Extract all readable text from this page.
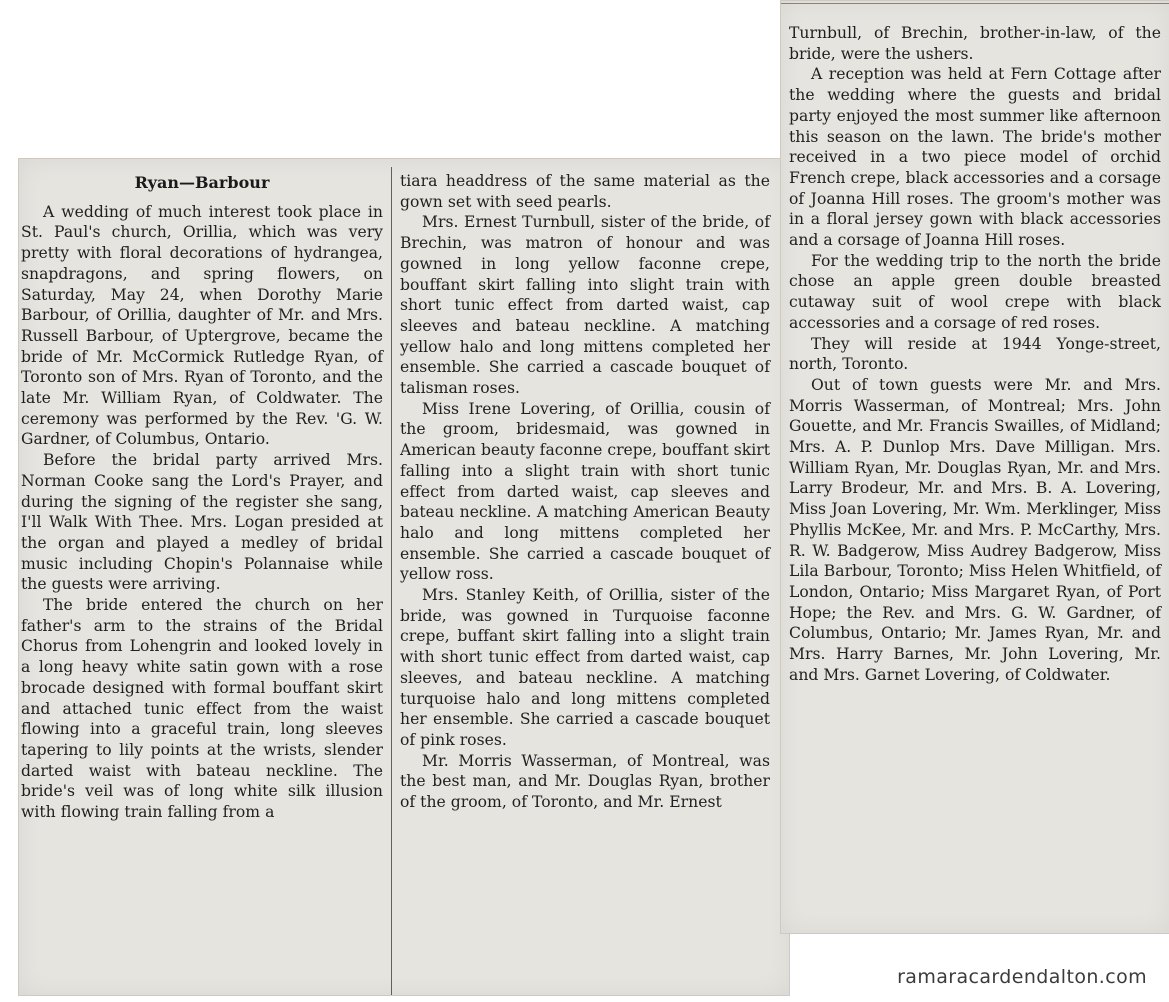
Ryan—Barbour

A wedding of much interest took place in St. Paul's church, Orillia, which was very pretty with floral decorations of hydrangea, snapdragons, and spring flowers, on Saturday, May 24, when Dorothy Marie Barbour, of Orillia, daughter of Mr. and Mrs. Russell Barbour, of Uptergrove, became the bride of Mr. McCormick Rutledge Ryan, of Toronto son of Mrs. Ryan of Toronto, and the late Mr. William Ryan, of Coldwater. The ceremony was performed by the Rev. 'G. W. Gardner, of Columbus, Ontario.

Before the bridal party arrived Mrs. Norman Cooke sang the Lord's Prayer, and during the signing of the register she sang, I'll Walk With Thee. Mrs. Logan presided at the organ and played a medley of bridal music including Chopin's Polannaise while the guests were arriving.

The bride entered the church on her father's arm to the strains of the Bridal Chorus from Lohengrin and looked lovely in a long heavy white satin gown with a rose brocade designed with formal bouffant skirt and attached tunic effect from the waist flowing into a graceful train, long sleeves tapering to lily points at the wrists, slender darted waist with bateau neckline. The bride's veil was of long white silk illusion with flowing train falling from a

tiara headdress of the same material as the gown set with seed pearls.

Mrs. Ernest Turnbull, sister of the bride, of Brechin, was matron of honour and was gowned in long yellow faconne crepe, bouffant skirt falling into slight train with short tunic effect from darted waist, cap sleeves and bateau neckline. A matching yellow halo and long mittens completed her ensemble. She carried a cascade bouquet of talisman roses.

Miss Irene Lovering, of Orillia, cousin of the groom, bridesmaid, was gowned in American beauty faconne crepe, bouffant skirt falling into a slight train with short tunic effect from darted waist, cap sleeves and bateau neckline. A matching American Beauty halo and long mittens completed her ensemble. She carried a cascade bouquet of yellow ross.

Mrs. Stanley Keith, of Orillia, sister of the bride, was gowned in Turquoise faconne crepe, buffant skirt falling into a slight train with short tunic effect from darted waist, cap sleeves, and bateau neckline. A matching turquoise halo and long mittens completed her ensemble. She carried a cascade bouquet of pink roses.

Mr. Morris Wasserman, of Montreal, was the best man, and Mr. Douglas Ryan, brother of the groom, of Toronto, and Mr. Ernest

Turnbull, of Brechin, brother-in-law, of the bride, were the ushers.

A reception was held at Fern Cottage after the wedding where the guests and bridal party enjoyed the most summer like afternoon this season on the lawn. The bride's mother received in a two piece model of orchid French crepe, black accessories and a corsage of Joanna Hill roses. The groom's mother was in a floral jersey gown with black accessories and a corsage of Joanna Hill roses.

For the wedding trip to the north the bride chose an apple green double breasted cutaway suit of wool crepe with black accessories and a corsage of red roses.

They will reside at 1944 Yonge-street, north, Toronto.

Out of town guests were Mr. and Mrs. Morris Wasserman, of Montreal; Mrs. John Gouette, and Mr. Francis Swailles, of Midland; Mrs. A. P. Dunlop Mrs. Dave Milligan. Mrs. William Ryan, Mr. Douglas Ryan, Mr. and Mrs. Larry Brodeur, Mr. and Mrs. B. A. Lovering, Miss Joan Lovering, Mr. Wm. Merklinger, Miss Phyllis McKee, Mr. and Mrs. P. McCarthy, Mrs. R. W. Badgerow, Miss Audrey Badgerow, Miss Lila Barbour, Toronto; Miss Helen Whitfield, of London, Ontario; Miss Margaret Ryan, of Port Hope; the Rev. and Mrs. G. W. Gardner, of Columbus, Ontario; Mr. James Ryan, Mr. and Mrs. Harry Barnes, Mr. John Lovering, Mr. and Mrs. Garnet Lovering, of Coldwater.

ramaracardendalton.com
